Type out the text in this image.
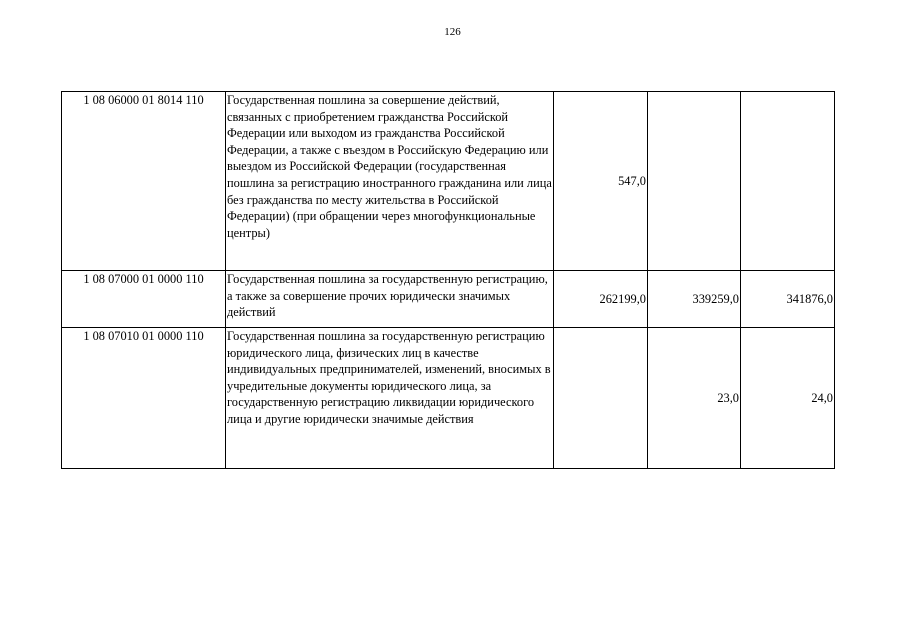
126
1 08 06000 01 8014 110	Государственная пошлина за совершение действий, связанных с приобретением гражданства Российской Федерации или выходом из гражданства Российской Федерации, а также с въездом в Российскую Федерацию или выездом из Российской Федерации (государственная пошлина за регистрацию иностранного гражданина или лица без гражданства по месту жительства в Российской Федерации) (при обращении через многофункциональные центры)	547,0		
1 08 07000 01 0000 110	Государственная пошлина за государственную регистрацию, а также за совершение прочих юридически значимых действий	262199,0	339259,0	341876,0
1 08 07010 01 0000 110	Государственная пошлина за государственную регистрацию юридического лица, физических лиц в качестве индивидуальных предпринимателей, изменений, вносимых в учредительные документы юридического лица, за государственную регистрацию ликвидации юридического лица и другие юридически значимые действия		23,0	24,0
